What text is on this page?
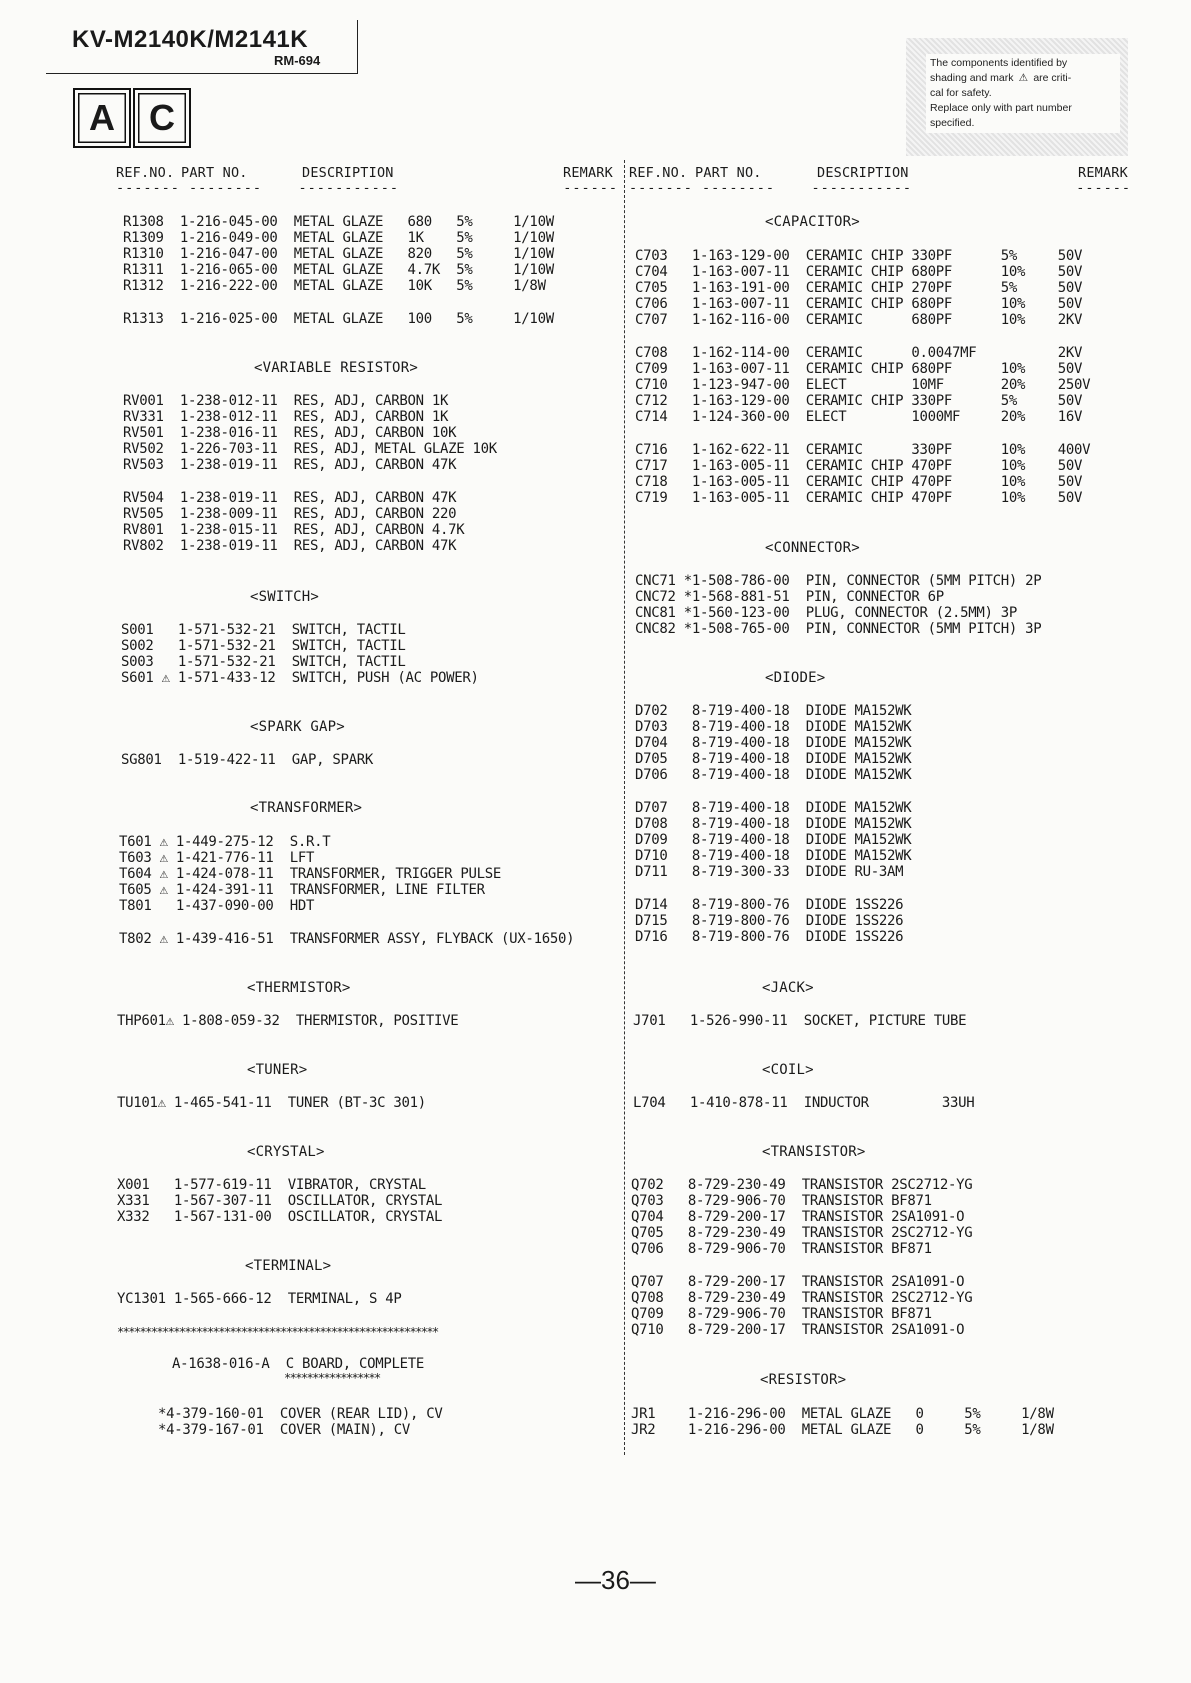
KV-M2140K/M2141K
RM-694
A C
The components identified by
shading and mark ⚠ are criti-
cal for safety.
Replace only with part number
specified.
REF.NO. PART NO.	DESCRIPTION	REMARK REF.NO. PART NO.	DESCRIPTION	REMARK
------- --------    -----------                  ------ ------- --------    -----------                  ------
R1308  1-216-045-00  METAL GLAZE   680   5%     1/10W
R1309  1-216-049-00  METAL GLAZE   1K    5%     1/10W
R1310  1-216-047-00  METAL GLAZE   820   5%     1/10W
R1311  1-216-065-00  METAL GLAZE   4.7K  5%     1/10W
R1312  1-216-222-00  METAL GLAZE   10K   5%     1/8W
R1313  1-216-025-00  METAL GLAZE   100   5%     1/10W
<VARIABLE RESISTOR>
RV001  1-238-012-11  RES, ADJ, CARBON 1K
RV331  1-238-012-11  RES, ADJ, CARBON 1K
RV501  1-238-016-11  RES, ADJ, CARBON 10K
RV502  1-226-703-11  RES, ADJ, METAL GLAZE 10K
RV503  1-238-019-11  RES, ADJ, CARBON 47K
RV504  1-238-019-11  RES, ADJ, CARBON 47K
RV505  1-238-009-11  RES, ADJ, CARBON 220
RV801  1-238-015-11  RES, ADJ, CARBON 4.7K
RV802  1-238-019-11  RES, ADJ, CARBON 47K
<SWITCH>
S001   1-571-532-21  SWITCH, TACTIL
S002   1-571-532-21  SWITCH, TACTIL
S003   1-571-532-21  SWITCH, TACTIL
S601 ⚠ 1-571-433-12  SWITCH, PUSH (AC POWER)
<SPARK GAP>
SG801  1-519-422-11  GAP, SPARK
<TRANSFORMER>
T601 ⚠ 1-449-275-12  S.R.T
T603 ⚠ 1-421-776-11  LFT
T604 ⚠ 1-424-078-11  TRANSFORMER, TRIGGER PULSE
T605 ⚠ 1-424-391-11  TRANSFORMER, LINE FILTER
T801   1-437-090-00  HDT
T802 ⚠ 1-439-416-51  TRANSFORMER ASSY, FLYBACK (UX-1650)
<THERMISTOR>
THP601⚠ 1-808-059-32  THERMISTOR, POSITIVE
<TUNER>
TU101⚠ 1-465-541-11  TUNER (BT-3C 301)
<CRYSTAL>
X001   1-577-619-11  VIBRATOR, CRYSTAL
X331   1-567-307-11  OSCILLATOR, CRYSTAL
X332   1-567-131-00  OSCILLATOR, CRYSTAL
<TERMINAL>
YC1301 1-565-666-12  TERMINAL, S 4P
*********************************************************
A-1638-016-A  C BOARD, COMPLETE
*****************
*4-379-160-01  COVER (REAR LID), CV
*4-379-167-01  COVER (MAIN), CV
<CAPACITOR>
C703   1-163-129-00  CERAMIC CHIP 330PF      5%     50V
C704   1-163-007-11  CERAMIC CHIP 680PF      10%    50V
C705   1-163-191-00  CERAMIC CHIP 270PF      5%     50V
C706   1-163-007-11  CERAMIC CHIP 680PF      10%    50V
C707   1-162-116-00  CERAMIC      680PF      10%    2KV
C708   1-162-114-00  CERAMIC      0.0047MF          2KV
C709   1-163-007-11  CERAMIC CHIP 680PF      10%    50V
C710   1-123-947-00  ELECT        10MF       20%    250V
C712   1-163-129-00  CERAMIC CHIP 330PF      5%     50V
C714   1-124-360-00  ELECT        1000MF     20%    16V
C716   1-162-622-11  CERAMIC      330PF      10%    400V
C717   1-163-005-11  CERAMIC CHIP 470PF      10%    50V
C718   1-163-005-11  CERAMIC CHIP 470PF      10%    50V
C719   1-163-005-11  CERAMIC CHIP 470PF      10%    50V
<CONNECTOR>
CNC71 *1-508-786-00  PIN, CONNECTOR (5MM PITCH) 2P
CNC72 *1-568-881-51  PIN, CONNECTOR 6P
CNC81 *1-560-123-00  PLUG, CONNECTOR (2.5MM) 3P
CNC82 *1-508-765-00  PIN, CONNECTOR (5MM PITCH) 3P
<DIODE>
D702   8-719-400-18  DIODE MA152WK
D703   8-719-400-18  DIODE MA152WK
D704   8-719-400-18  DIODE MA152WK
D705   8-719-400-18  DIODE MA152WK
D706   8-719-400-18  DIODE MA152WK
D707   8-719-400-18  DIODE MA152WK
D708   8-719-400-18  DIODE MA152WK
D709   8-719-400-18  DIODE MA152WK
D710   8-719-400-18  DIODE MA152WK
D711   8-719-300-33  DIODE RU-3AM
D714   8-719-800-76  DIODE 1SS226
D715   8-719-800-76  DIODE 1SS226
D716   8-719-800-76  DIODE 1SS226
<JACK>
J701   1-526-990-11  SOCKET, PICTURE TUBE
<COIL>
L704   1-410-878-11  INDUCTOR         33UH
<TRANSISTOR>
Q702   8-729-230-49  TRANSISTOR 2SC2712-YG
Q703   8-729-906-70  TRANSISTOR BF871
Q704   8-729-200-17  TRANSISTOR 2SA1091-O
Q705   8-729-230-49  TRANSISTOR 2SC2712-YG
Q706   8-729-906-70  TRANSISTOR BF871
Q707   8-729-200-17  TRANSISTOR 2SA1091-O
Q708   8-729-230-49  TRANSISTOR 2SC2712-YG
Q709   8-729-906-70  TRANSISTOR BF871
Q710   8-729-200-17  TRANSISTOR 2SA1091-O
<RESISTOR>
JR1    1-216-296-00  METAL GLAZE   0     5%     1/8W
JR2    1-216-296-00  METAL GLAZE   0     5%     1/8W
—36—
